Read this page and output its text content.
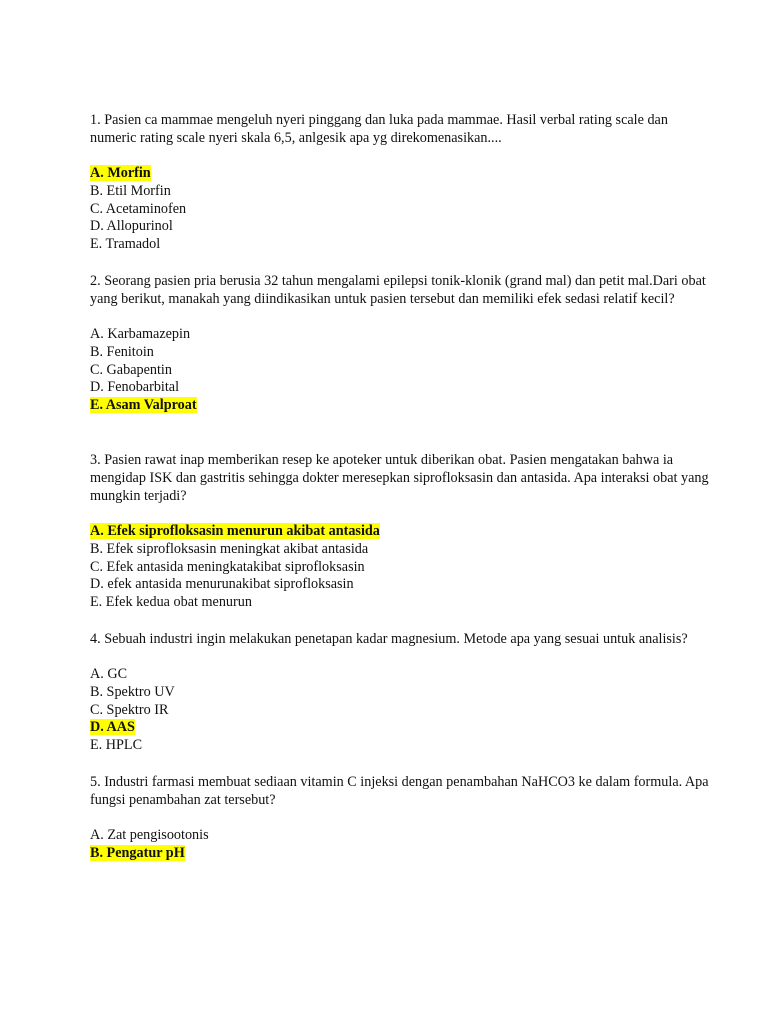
1. Pasien ca mammae mengeluh nyeri pinggang dan luka pada mammae. Hasil verbal rating scale dan numeric rating scale nyeri skala 6,5, anlgesik apa yg direkomenasikan....

A. Morfin
B. Etil Morfin
C. Acetaminofen
D. Allopurinol
E. Tramadol

2. Seorang pasien pria berusia 32 tahun mengalami epilepsi tonik-klonik (grand mal) dan petit mal.Dari obat yang berikut, manakah yang diindikasikan untuk pasien tersebut dan memiliki efek sedasi relatif kecil?

A. Karbamazepin
B. Fenitoin
C. Gabapentin
D. Fenobarbital
E. Asam Valproat

3. Pasien rawat inap memberikan resep ke apoteker untuk diberikan obat. Pasien mengatakan bahwa ia mengidap ISK dan gastritis sehingga dokter meresepkan siprofloksasin dan antasida. Apa interaksi obat yang mungkin terjadi?

A. Efek siprofloksasin menurun akibat antasida
B. Efek siprofloksasin meningkat akibat antasida
C. Efek antasida meningkatakibat siprofloksasin
D. efek antasida menurunakibat siprofloksasin
E. Efek kedua obat menurun

4. Sebuah industri ingin melakukan penetapan kadar magnesium. Metode apa yang sesuai untuk analisis?

A. GC
B. Spektro UV
C. Spektro IR
D. AAS
E. HPLC

5. Industri farmasi membuat sediaan vitamin C injeksi dengan penambahan NaHCO3 ke dalam formula. Apa fungsi penambahan zat tersebut?

A. Zat pengisootonis
B. Pengatur pH
